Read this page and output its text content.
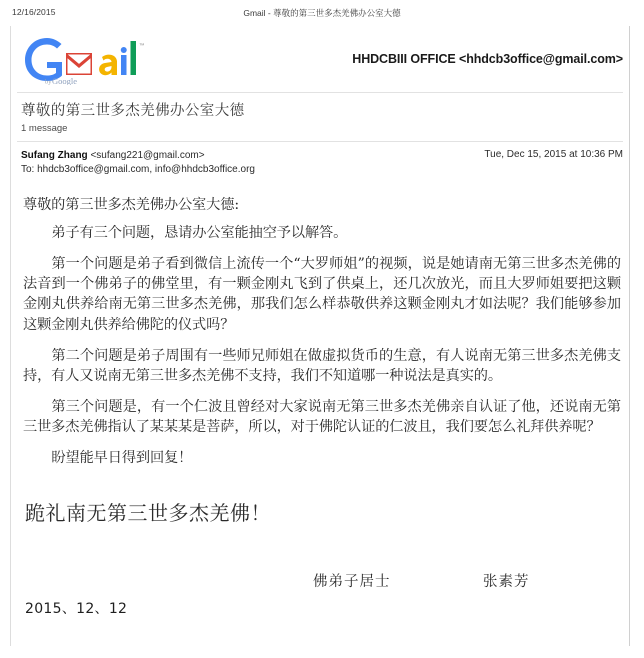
12/16/2015	Gmail - 尊敬的第三世多杰羌佛办公室大德
™
by Google
HHDCBIII OFFICE <hhdcb3office@gmail.com>
尊敬的第三世多杰羌佛办公室大德
1 message
Sufang Zhang <sufang221@gmail.com>
To: hhdcb3office@gmail.com, info@hhdcb3office.org
Tue, Dec 15, 2015 at 10:36 PM

尊敬的第三世多杰羌佛办公室大德:

弟子有三个问题，恳请办公室能抽空予以解答。

第一个问题是弟子看到微信上流传一个“大罗师姐”的视频，说是她请南无第三世多杰羌佛的法音到一个佛弟子的佛堂里，有一颗金刚丸飞到了供桌上，还几次放光，而且大罗师姐要把这颗金刚丸供养给南无第三世多杰羌佛，那我们怎么样恭敬供养这颗金刚丸才如法呢？我们能够参加这颗金刚丸供养给佛陀的仪式吗？

第二个问题是弟子周围有一些师兄师姐在做虚拟货币的生意，有人说南无第三世多杰羌佛支持，有人又说南无第三世多杰羌佛不支持，我们不知道哪一种说法是真实的。

第三个问题是，有一个仁波且曾经对大家说南无第三世多杰羌佛亲自认证了他，还说南无第三世多杰羌佛指认了某某某是菩萨，所以，对于佛陀认证的仁波且，我们要怎么礼拜供养呢？

盼望能早日得到回复！

跪礼南无第三世多杰羌佛！
佛弟子居士	张素芳
2015、12、12
